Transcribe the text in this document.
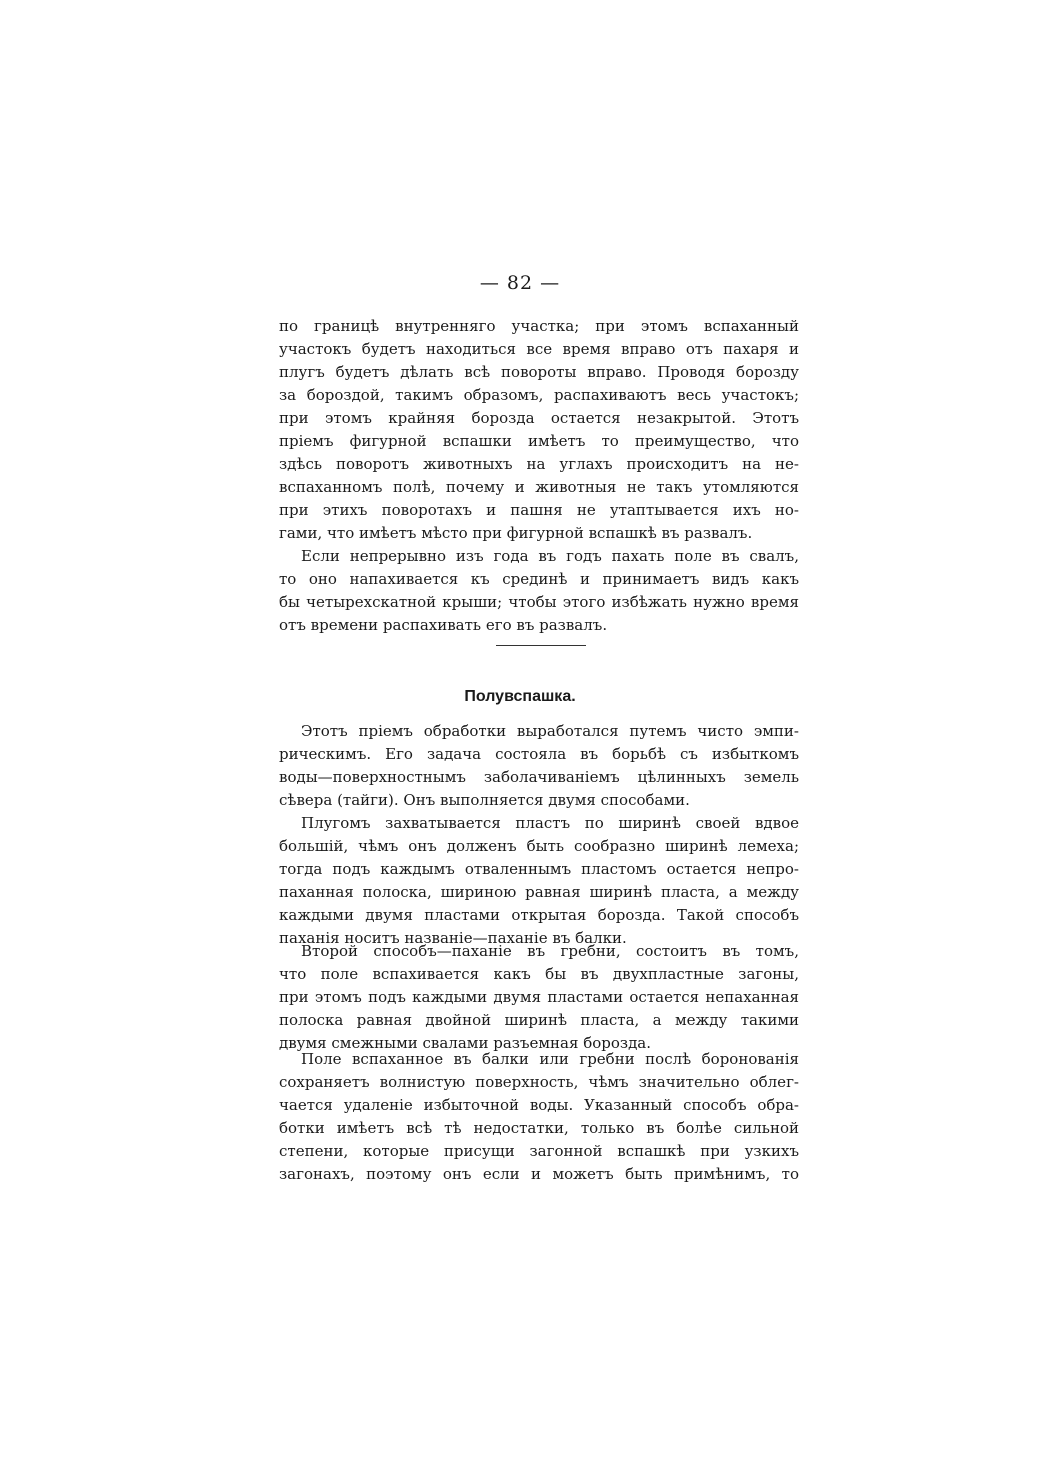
— 82 —
по границѣ внутренняго участка; при этомъ вспаханный
участокъ будетъ находиться все время вправо отъ пахаря и
плугъ будетъ дѣлать всѣ повороты вправо. Проводя борозду
за бороздой, такимъ образомъ, распахиваютъ весь участокъ;
при этомъ крайняя борозда остается незакрытой. Этотъ
пріемъ фигурной вспашки имѣетъ то преимущество, что
здѣсь поворотъ животныхъ на углахъ происходитъ на не-
вспаханномъ полѣ, почему и животныя не такъ утомляются
при этихъ поворотахъ и пашня не утаптывается ихъ но-
гами, что имѣетъ мѣсто при фигурной вспашкѣ въ развалъ.
Если непрерывно изъ года въ годъ пахать поле въ свалъ,
то оно напахивается къ срединѣ и принимаетъ видъ какъ
бы четырехскатной крыши; чтобы этого избѣжать нужно время
отъ времени распахивать его въ развалъ.
Полувспашка.
Этотъ пріемъ обработки выработался путемъ чисто эмпи-
рическимъ. Его задача состояла въ борьбѣ съ избыткомъ
воды—поверхностнымъ заболачиваніемъ цѣлинныхъ земель
сѣвера (тайги). Онъ выполняется двумя способами.
Плугомъ захватывается пластъ по ширинѣ своей вдвое
большій, чѣмъ онъ долженъ быть сообразно ширинѣ лемеха;
тогда подъ каждымъ отваленнымъ пластомъ остается непро-
паханная полоска, шириною равная ширинѣ пласта, а между
каждыми двумя пластами открытая борозда. Такой способъ
паханія носитъ названіе—паханіе въ балки.
Второй способъ—паханіе въ гребни, состоитъ въ томъ,
что поле вспахивается какъ бы въ двухпластные загоны,
при этомъ подъ каждыми двумя пластами остается непаханная
полоска равная двойной ширинѣ пласта, а между такими
двумя смежными свалами разъемная борозда.
Поле вспаханное въ балки или гребни послѣ боронованія
сохраняетъ волнистую поверхность, чѣмъ значительно облег-
чается удаленіе избыточной воды. Указанный способъ обра-
ботки имѣетъ всѣ тѣ недостатки, только въ болѣе сильной
степени, которые присущи загонной вспашкѣ при узкихъ
загонахъ, поэтому онъ если и можетъ быть примѣнимъ, то
